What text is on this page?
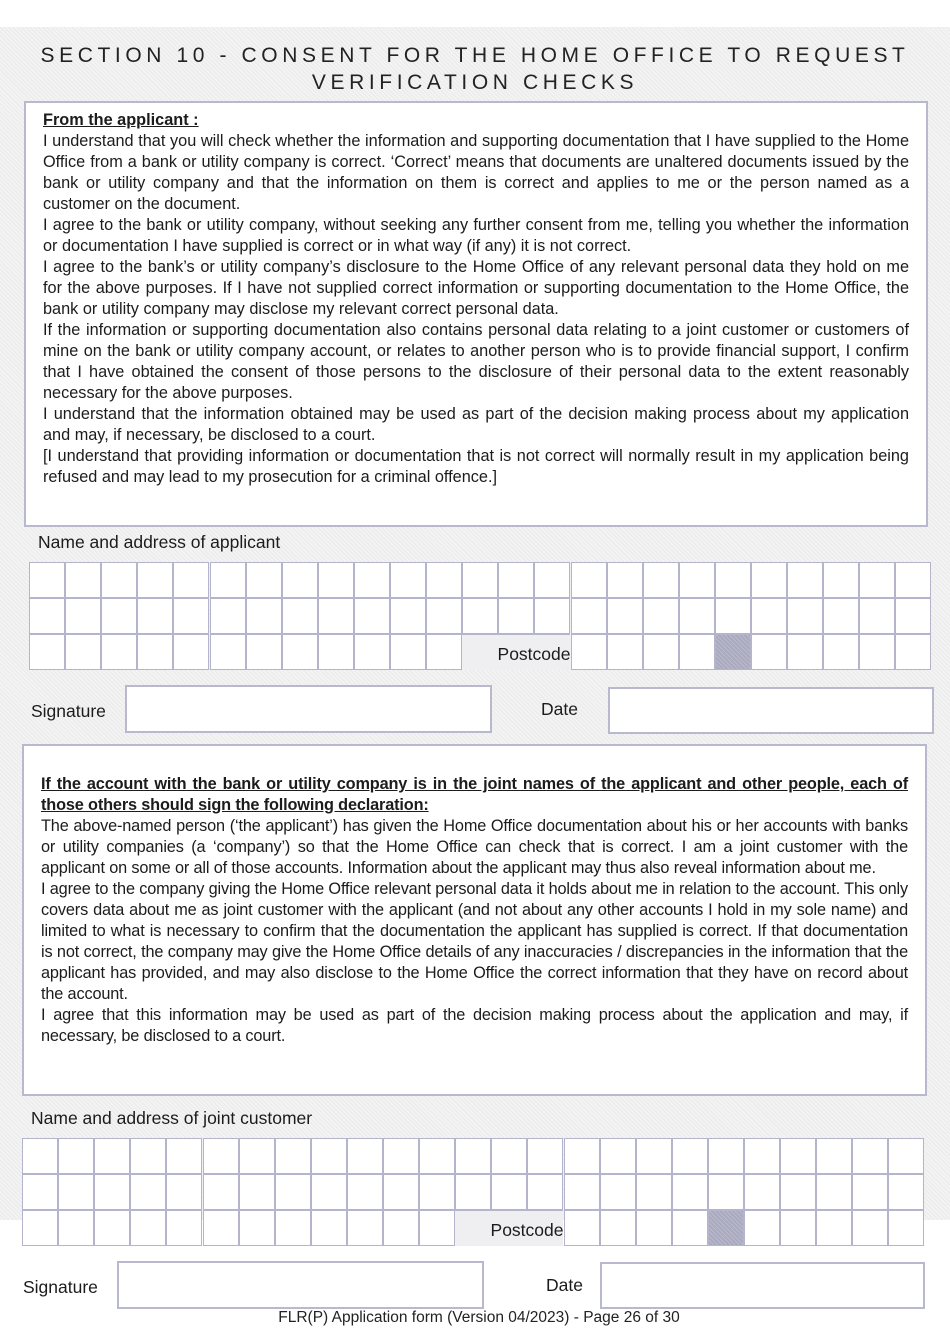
SECTION 10 - CONSENT FOR THE HOME OFFICE TO REQUEST
VERIFICATION CHECKS
From the applicant :
I understand that you will check whether the information and supporting documentation that I have supplied to the Home Office from a bank or utility company is correct. ‘Correct’ means that documents are unaltered documents issued by the bank or utility company and that the information on them is correct and applies to me or the person named as a customer on the document.
I agree to the bank or utility company, without seeking any further consent from me, telling you whether the information or documentation I have supplied is correct or in what way (if any) it is not correct.
I agree to the bank’s or utility company’s disclosure to the Home Office of any relevant personal data they hold on me for the above purposes. If I have not supplied correct information or supporting documentation to the Home Office, the bank or utility company may disclose my relevant correct personal data.
If the information or supporting documentation also contains personal data relating to a joint customer or customers of mine on the bank or utility company account, or relates to another person who is to provide financial support, I confirm that I have obtained the consent of those persons to the disclosure of their personal data to the extent reasonably necessary for the above purposes.
I understand that the information obtained may be used as part of the decision making process about my application and may, if necessary, be disclosed to a court.
[I understand that providing information or documentation that is not correct will normally result in my application being refused and may lead to my prosecution for a criminal offence.]
Name and address of applicant
Postcode
Signature	Date
If the account with the bank or utility company is in the joint names of the applicant and other people, each of those others should sign the following declaration:
The above-named person (‘the applicant’) has given the Home Office documentation about his or her accounts with banks or utility companies (a ‘company’) so that the Home Office can check that is correct. I am a joint customer with the applicant on some or all of those accounts. Information about the applicant may thus also reveal information about me.
I agree to the company giving the Home Office relevant personal data it holds about me in relation to the account. This only covers data about me as joint customer with the applicant (and not about any other accounts I hold in my sole name) and limited to what is necessary to confirm that the documentation the applicant has supplied is correct. If that documentation is not correct, the company may give the Home Office details of any inaccuracies / discrepancies in the information that the applicant has provided, and may also disclose to the Home Office the correct information that they have on record about the account.
I agree that this information may be used as part of the decision making process about the application and may, if necessary, be disclosed to a court.
Name and address of joint customer
Postcode
Signature	Date
FLR(P) Application form (Version 04/2023) - Page 26 of 30
